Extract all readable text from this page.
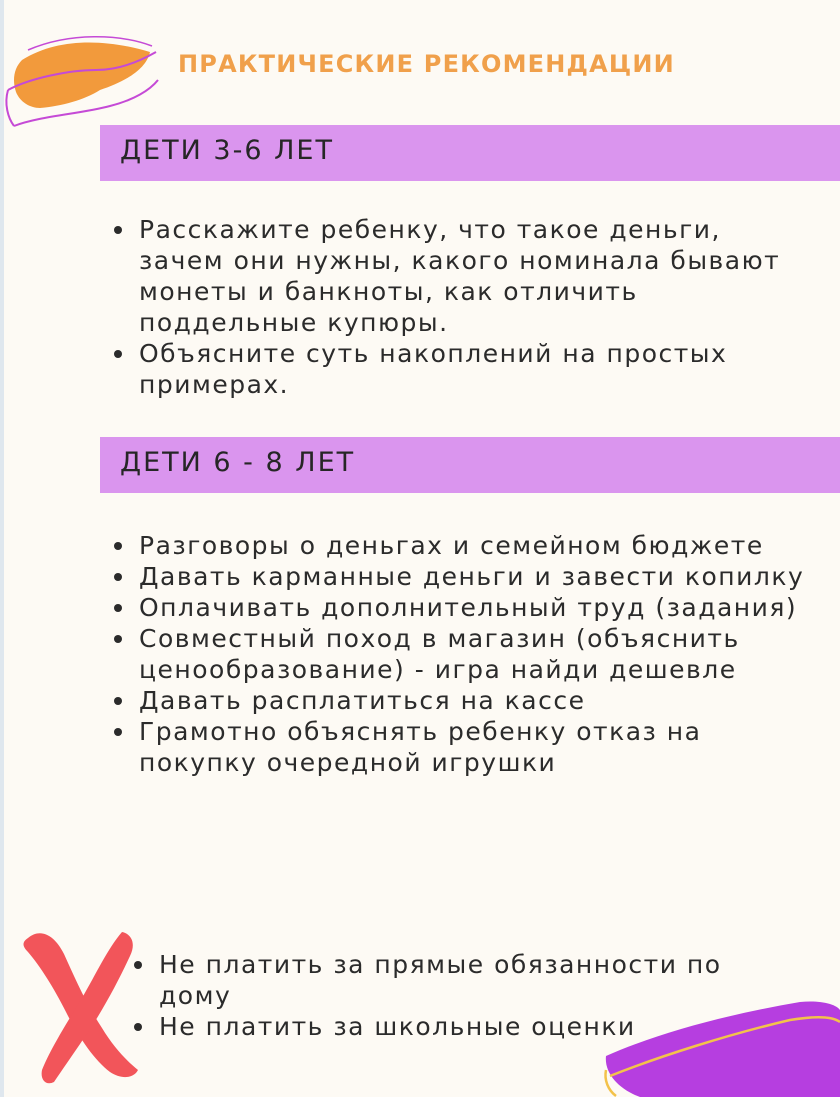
ПРАКТИЧЕСКИЕ РЕКОМЕНДАЦИИ
ДЕТИ 3-6 ЛЕТ
Расскажите ребенку, что такое деньги, зачем они нужны, какого номинала бывают монеты и банкноты, как отличить поддельные купюры.
Объясните суть накоплений на простых примерах.
ДЕТИ 6 - 8 ЛЕТ
Разговоры о деньгах и семейном бюджете
Давать карманные деньги и завести копилку
Оплачивать дополнительный труд (задания)
Совместный поход в магазин (объяснить ценообразование) - игра найди дешевле
Давать расплатиться на кассе
Грамотно объяснять ребенку отказ на покупку очередной игрушки
Не платить за прямые обязанности по дому
Не платить за школьные оценки
